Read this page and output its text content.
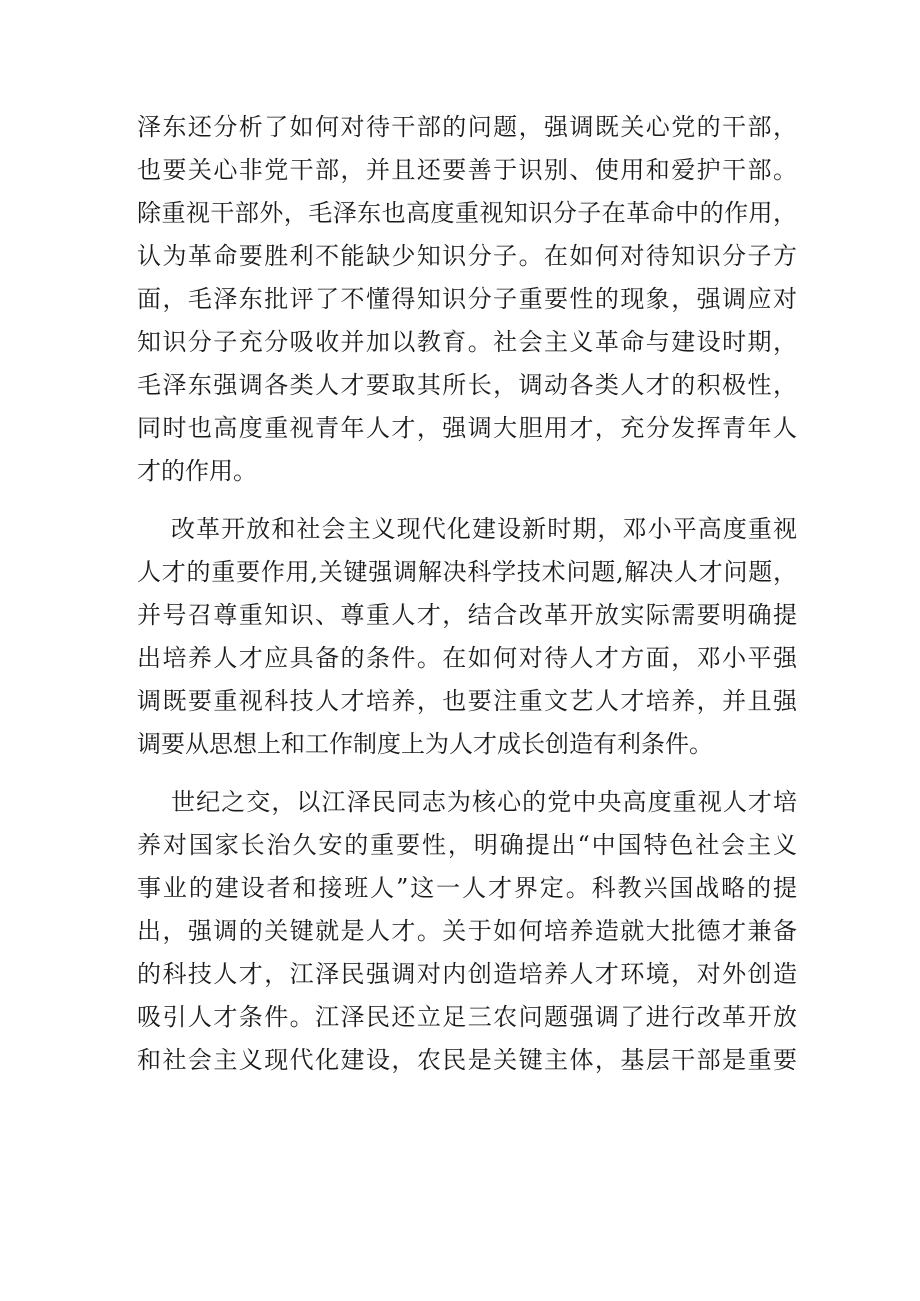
泽东还分析了如何对待干部的问题，强调既关心党的干部，
也要关心非党干部，并且还要善于识别、使用和爱护干部。
除重视干部外，毛泽东也高度重视知识分子在革命中的作用，
认为革命要胜利不能缺少知识分子。在如何对待知识分子方
面，毛泽东批评了不懂得知识分子重要性的现象，强调应对
知识分子充分吸收并加以教育。社会主义革命与建设时期，
毛泽东强调各类人才要取其所长，调动各类人才的积极性，
同时也高度重视青年人才，强调大胆用才，充分发挥青年人
才的作用。
改革开放和社会主义现代化建设新时期，邓小平高度重视
人才的重要作用,关键强调解决科学技术问题,解决人才问题，
并号召尊重知识、尊重人才，结合改革开放实际需要明确提
出培养人才应具备的条件。在如何对待人才方面，邓小平强
调既要重视科技人才培养，也要注重文艺人才培养，并且强
调要从思想上和工作制度上为人才成长创造有利条件。
世纪之交，以江泽民同志为核心的党中央高度重视人才培
养对国家长治久安的重要性，明确提出“中国特色社会主义
事业的建设者和接班人”这一人才界定。科教兴国战略的提
出，强调的关键就是人才。关于如何培养造就大批德才兼备
的科技人才，江泽民强调对内创造培养人才环境，对外创造
吸引人才条件。江泽民还立足三农问题强调了进行改革开放
和社会主义现代化建设，农民是关键主体，基层干部是重要
